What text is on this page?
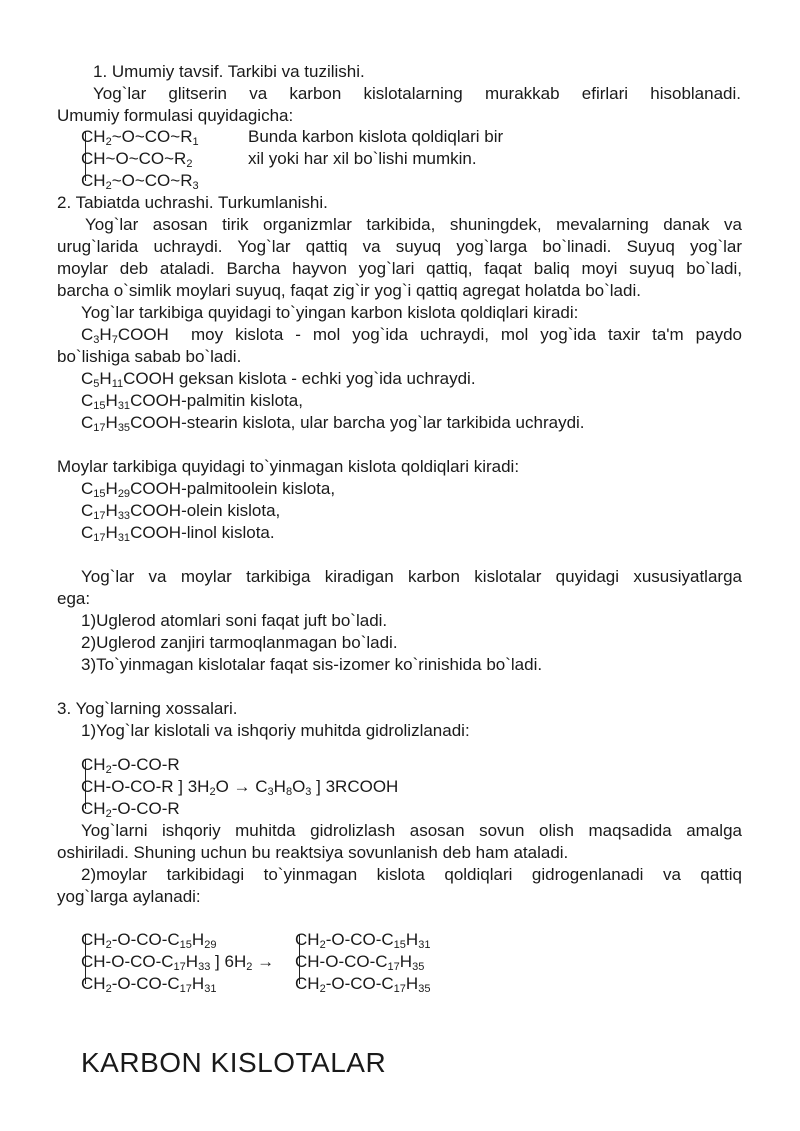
1. Umumiy tavsif. Tarkibi va tuzilishi.
Yog`lar glitserin va karbon kislotalarning murakkab efirlari hisoblanadi.
Umumiy formulasi quyidagicha:
$CH_2\sim O\sim CO\sim R_1$
$CH\sim O\sim CO\sim R_2$
$CH_2\sim O\sim CO\sim R_3$
Bunda karbon kislota qoldiqlari bir
xil yoki har xil bo`lishi mumkin.
2. Tabiatda uchrashi. Turkumlanishi.
Yog`lar asosan tirik organizmlar tarkibida, shuningdek, mevalarning danak va
urug`larida uchraydi. Yog`lar qattiq va suyuq yog`larga bo`linadi. Suyuq yog`lar
moylar deb ataladi. Barcha hayvon yog`lari qattiq, faqat baliq moyi suyuq bo`ladi,
barcha o`simlik moylari suyuq, faqat zig`ir yog`i qattiq agregat holatda bo`ladi.
Yog`lar tarkibiga quyidagi to`yingan karbon kislota qoldiqlari kiradi:
$C_3H_7COOH$ moy kislota - mol yog`ida uchraydi, mol yog`ida taxir ta'm paydo
bo`lishiga sabab bo`ladi.
$C_5H_{11}COOH$ geksan kislota - echki yog`ida uchraydi.
$C_{15}H_{31}COOH$-palmitin kislota,
$C_{17}H_{35}COOH$-stearin kislota, ular barcha yog`lar tarkibida uchraydi.
Moylar tarkibiga quyidagi to`yinmagan kislota qoldiqlari kiradi:
$C_{15}H_{29}COOH$-palmitoolein kislota,
$C_{17}H_{33}COOH$-olein kislota,
$C_{17}H_{31}COOH$-linol kislota.
Yog`lar va moylar tarkibiga kiradigan karbon kislotalar quyidagi xususiyatlarga
ega:
1)Uglerod atomlari soni faqat juft bo`ladi.
2)Uglerod zanjiri tarmoqlanmagan bo`ladi.
3)To`yinmagan kislotalar faqat sis-izomer ko`rinishida bo`ladi.
3. Yog`larning xossalari.
1)Yog`lar kislotali va ishqoriy muhitda gidrolizlanadi:
$CH_2-O-CO-R$
CH-O-CO-R ] $3H_2O \to C_3H_8O_3$ ] 3RCOOH
$CH_2-O-CO-R$
Yog`larni ishqoriy muhitda gidrolizlash asosan sovun olish maqsadida amalga
oshiriladi. Shuning uchun bu reaktsiya sovunlanish deb ham ataladi.
2)moylar tarkibidagi to`yinmagan kislota qoldiqlari gidrogenlanadi va qattiq
yog`larga aylanadi:
$CH_2-O-CO-C_{15}H_{29}$
$CH-O-CO-C_{17}H_{33}$ ] $6H_2$ →
$CH_2-O-CO-C_{17}H_{31}$
$CH_2-O-CO-C_{15}H_{31}$
$CH-O-CO-C_{17}H_{35}$
$CH_2-O-CO-C_{17}H_{35}$
KARBON KISLOTALAR
